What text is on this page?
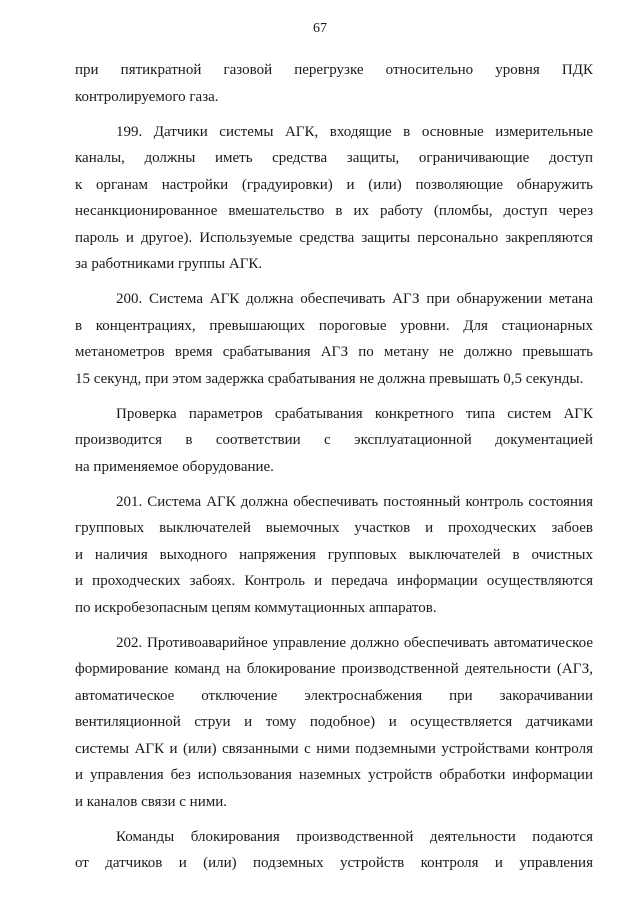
67
при пятикратной газовой перегрузке относительно уровня ПДК
контролируемого газа.
199. Датчики системы АГК, входящие в основные измерительные
каналы, должны иметь средства защиты, ограничивающие доступ
к органам настройки (градуировки) и (или) позволяющие обнаружить
несанкционированное вмешательство в их работу (пломбы, доступ через
пароль и другое). Используемые средства защиты персонально закрепляются
за работниками группы АГК.
200. Система АГК должна обеспечивать АГЗ при обнаружении метана
в концентрациях, превышающих пороговые уровни. Для стационарных
метанометров время срабатывания АГЗ по метану не должно превышать
15 секунд, при этом задержка срабатывания не должна превышать 0,5 секунды.
Проверка параметров срабатывания конкретного типа систем АГК
производится в соответствии с эксплуатационной документацией
на применяемое оборудование.
201. Система АГК должна обеспечивать постоянный контроль состояния
групповых выключателей выемочных участков и проходческих забоев
и наличия выходного напряжения групповых выключателей в очистных
и проходческих забоях. Контроль и передача информации осуществляются
по искробезопасным цепям коммутационных аппаратов.
202. Противоаварийное управление должно обеспечивать автоматическое
формирование команд на блокирование производственной деятельности (АГЗ,
автоматическое отключение электроснабжения при закорачивании
вентиляционной струи и тому подобное) и осуществляется датчиками
системы АГК и (или) связанными с ними подземными устройствами контроля
и управления без использования наземных устройств обработки информации
и каналов связи с ними.
Команды блокирования производственной деятельности подаются
от датчиков и (или) подземных устройств контроля и управления
